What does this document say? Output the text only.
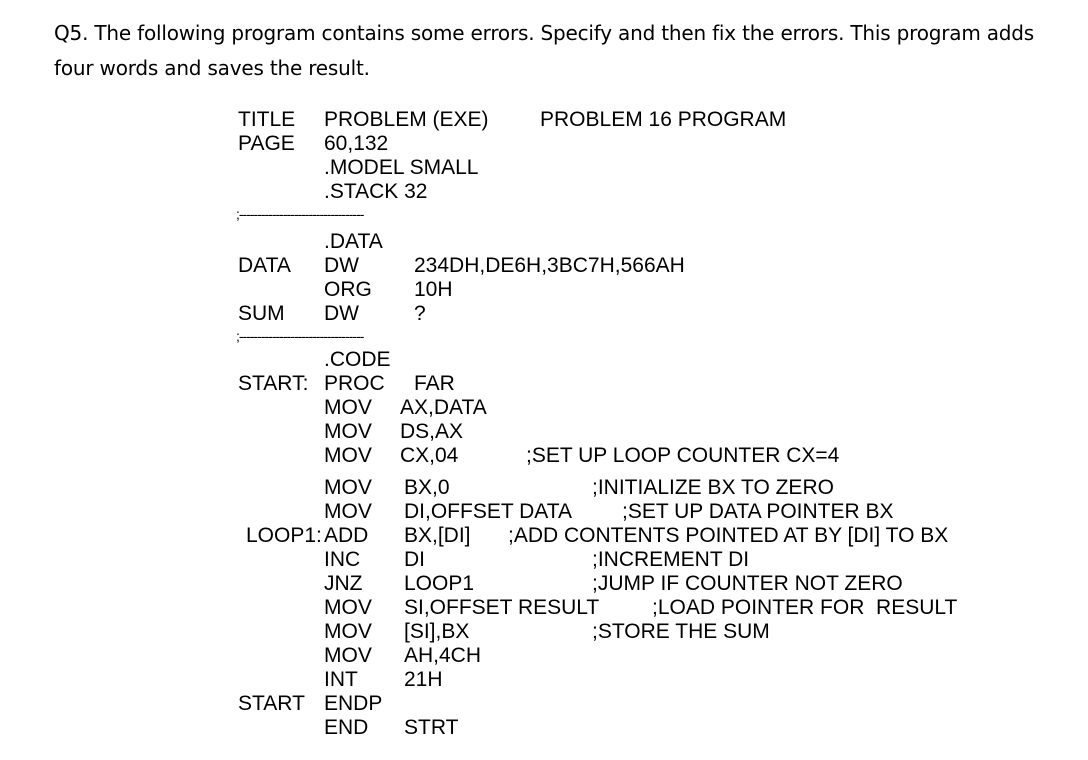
Q5. The following program contains some errors. Specify and then fix the errors. This program adds four words and saves the result.
TITLE PROBLEM (EXE) PROBLEM 16 PROGRAM
PAGE 60,132
.MODEL SMALL
.STACK 32
;----------------------------------
.DATA
DATA DW	234DH,DE6H,3BC7H,566AH
ORG 10H
SUM DW	?
;----------------------------------
.CODE
START: PROC FAR
MOV AX,DATA
MOV DS,AX
MOV CX,04	;SET UP LOOP COUNTER CX=4
MOV BX,0	;INITIALIZE BX TO ZERO
MOV DI,OFFSET DATA ;SET UP DATA POINTER BX
LOOP1: ADD BX,[DI] ;ADD CONTENTS POINTED AT BY [DI] TO BX
INC DI	;INCREMENT DI
JNZ LOOP1	;JUMP IF COUNTER NOT ZERO
MOV SI,OFFSET RESULT	;LOAD POINTER FOR  RESULT
MOV [SI],BX	;STORE THE SUM
MOV AH,4CH
INT 21H
START ENDP
END STRT
